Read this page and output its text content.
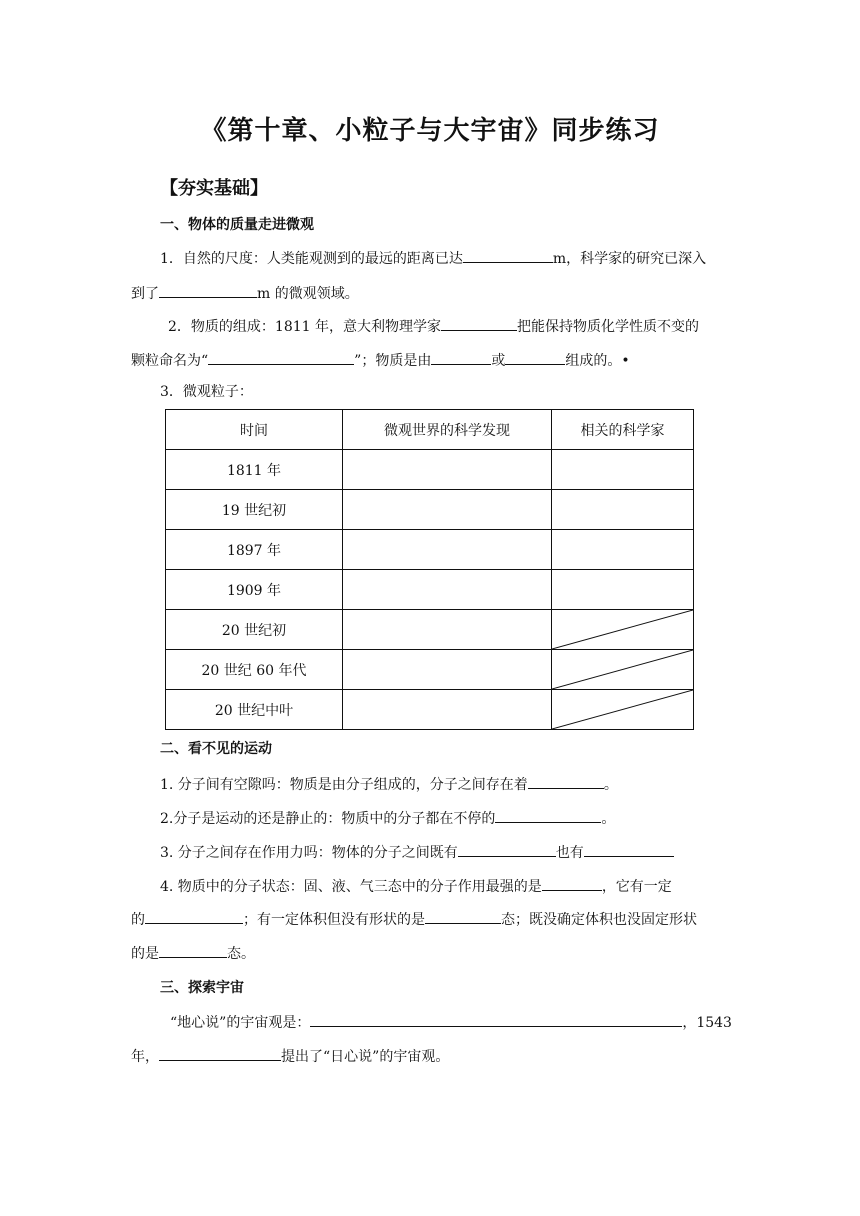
《第十章、小粒子与大宇宙》同步练习
【夯实基础】
一、物体的质量走进微观
1．自然的尺度：人类能观测到的最远的距离已达	m，科学家的研究已深入
到了	m 的微观领域。
2．物质的组成：1811 年，意大利物理学家	把能保持物质化学性质不变的
颗粒命名为“	”；物质是由	或	组成的。•
3．微观粒子：
时间	微观世界的科学发现	相关的科学家
1811 年		
19 世纪初		
1897 年		
1909 年		
20 世纪初		

20 世纪 60 年代		

20 世纪中叶		
二、看不见的运动
1. 分子间有空隙吗：物质是由分子组成的，分子之间存在着	。
2.分子是运动的还是静止的：物质中的分子都在不停的	。
3. 分子之间存在作用力吗：物体的分子之间既有	也有
4. 物质中的分子状态：固、液、气三态中的分子作用最强的是	，它有一定
的	；有一定体积但没有形状的是	态；既没确定体积也没固定形状
的是	态。
三、探索宇宙
“地心说”的宇宙观是：	，1543
年，	提出了“日心说”的宇宙观。
